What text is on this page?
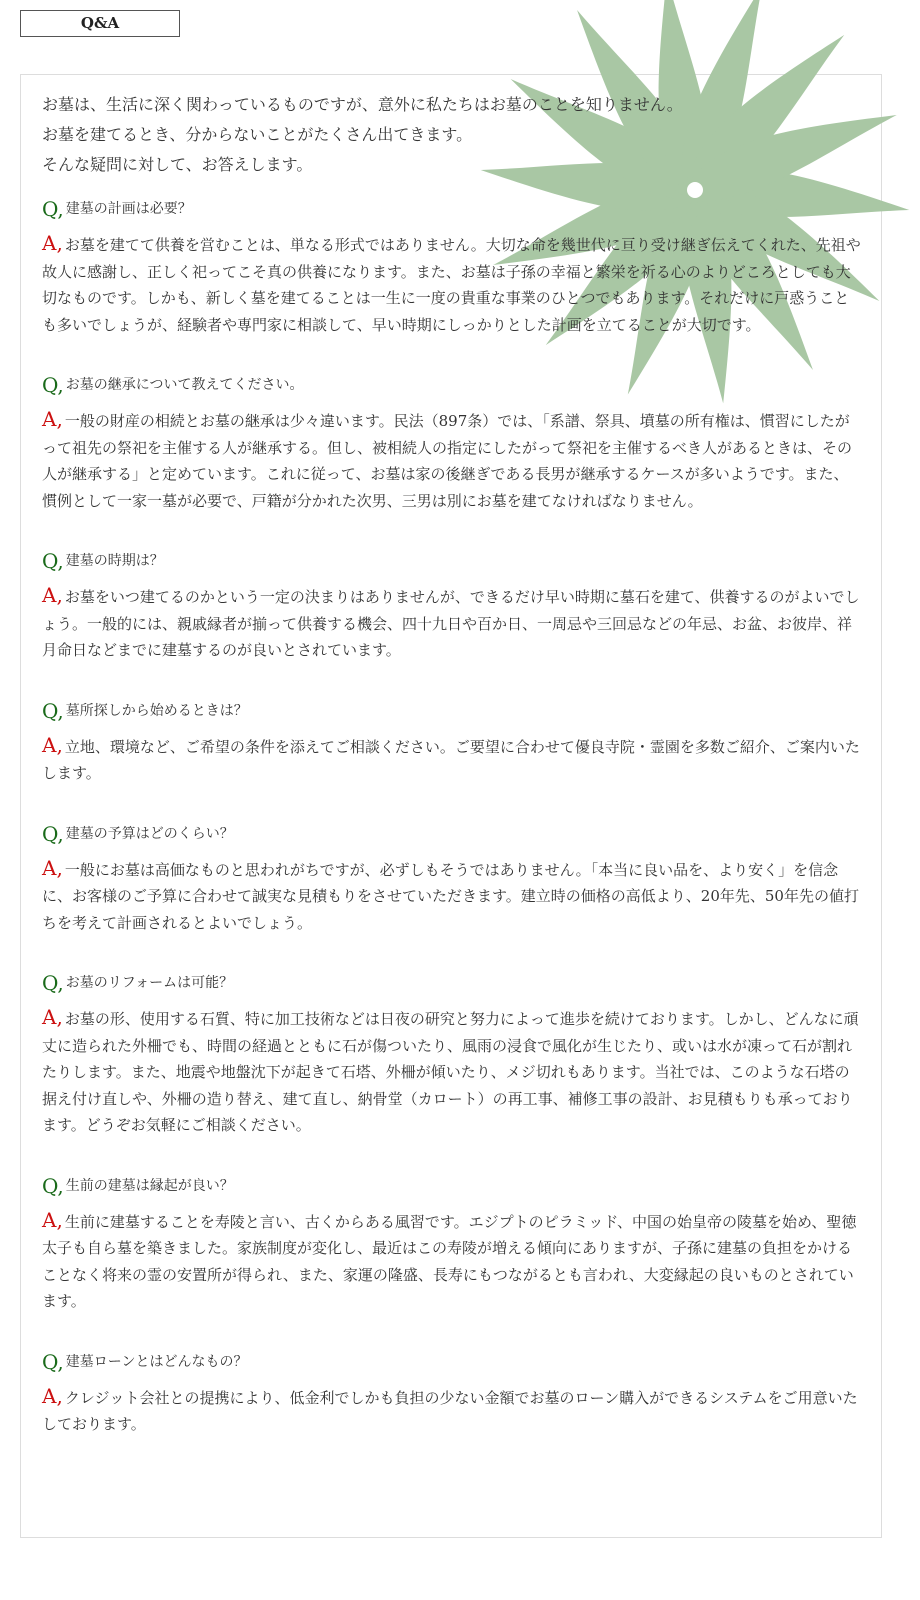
Q&A

お墓は、生活に深く関わっているものですが、意外に私たちはお墓のことを知りません。

お墓を建てるとき、分からないことがたくさん出てきます。

そんな疑問に対して、お答えします。

Q, 建墓の計画は必要？

A, お墓を建てて供養を営むことは、単なる形式ではありません。大切な命を幾世代に亘り受け継ぎ伝えてくれた、先祖や故人に感謝し、正しく祀ってこそ真の供養になります。また、お墓は子孫の幸福と繁栄を祈る心のよりどころとしても大切なものです。しかも、新しく墓を建てることは一生に一度の貴重な事業のひとつでもあります。それだけに戸惑うことも多いでしょうが、経験者や専門家に相談して、早い時期にしっかりとした計画を立てることが大切です。

Q, お墓の継承について教えてください。

A, 一般の財産の相続とお墓の継承は少々違います。民法（897条）では、「系譜、祭具、墳墓の所有権は、慣習にしたがって祖先の祭祀を主催する人が継承する。但し、被相続人の指定にしたがって祭祀を主催するべき人があるときは、その人が継承する」と定めています。これに従って、お墓は家の後継ぎである長男が継承するケースが多いようです。また、慣例として一家一墓が必要で、戸籍が分かれた次男、三男は別にお墓を建てなければなりません。

Q, 建墓の時期は？

A, お墓をいつ建てるのかという一定の決まりはありませんが、できるだけ早い時期に墓石を建て、供養するのがよいでしょう。一般的には、親戚縁者が揃って供養する機会、四十九日や百か日、一周忌や三回忌などの年忌、お盆、お彼岸、祥月命日などまでに建墓するのが良いとされています。

Q, 墓所探しから始めるときは？

A, 立地、環境など、ご希望の条件を添えてご相談ください。ご要望に合わせて優良寺院・霊園を多数ご紹介、ご案内いたします。

Q, 建墓の予算はどのくらい？

A, 一般にお墓は高価なものと思われがちですが、必ずしもそうではありません。「本当に良い品を、より安く」を信念に、お客様のご予算に合わせて誠実な見積もりをさせていただきます。建立時の価格の高低より、20年先、50年先の値打ちを考えて計画されるとよいでしょう。

Q, お墓のリフォームは可能？

A, お墓の形、使用する石質、特に加工技術などは日夜の研究と努力によって進歩を続けております。しかし、どんなに頑丈に造られた外柵でも、時間の経過とともに石が傷ついたり、風雨の浸食で風化が生じたり、或いは水が凍って石が割れたりします。また、地震や地盤沈下が起きて石塔、外柵が傾いたり、メジ切れもあります。当社では、このような石塔の据え付け直しや、外柵の造り替え、建て直し、納骨堂（カロート）の再工事、補修工事の設計、お見積もりも承っております。どうぞお気軽にご相談ください。

Q, 生前の建墓は縁起が良い？

A, 生前に建墓することを寿陵と言い、古くからある風習です。エジプトのピラミッド、中国の始皇帝の陵墓を始め、聖徳太子も自ら墓を築きました。家族制度が変化し、最近はこの寿陵が増える傾向にありますが、子孫に建墓の負担をかけることなく将来の霊の安置所が得られ、また、家運の隆盛、長寿にもつながるとも言われ、大変縁起の良いものとされています。

Q, 建墓ローンとはどんなもの？

A, クレジット会社との提携により、低金利でしかも負担の少ない金額でお墓のローン購入ができるシステムをご用意いたしております。
